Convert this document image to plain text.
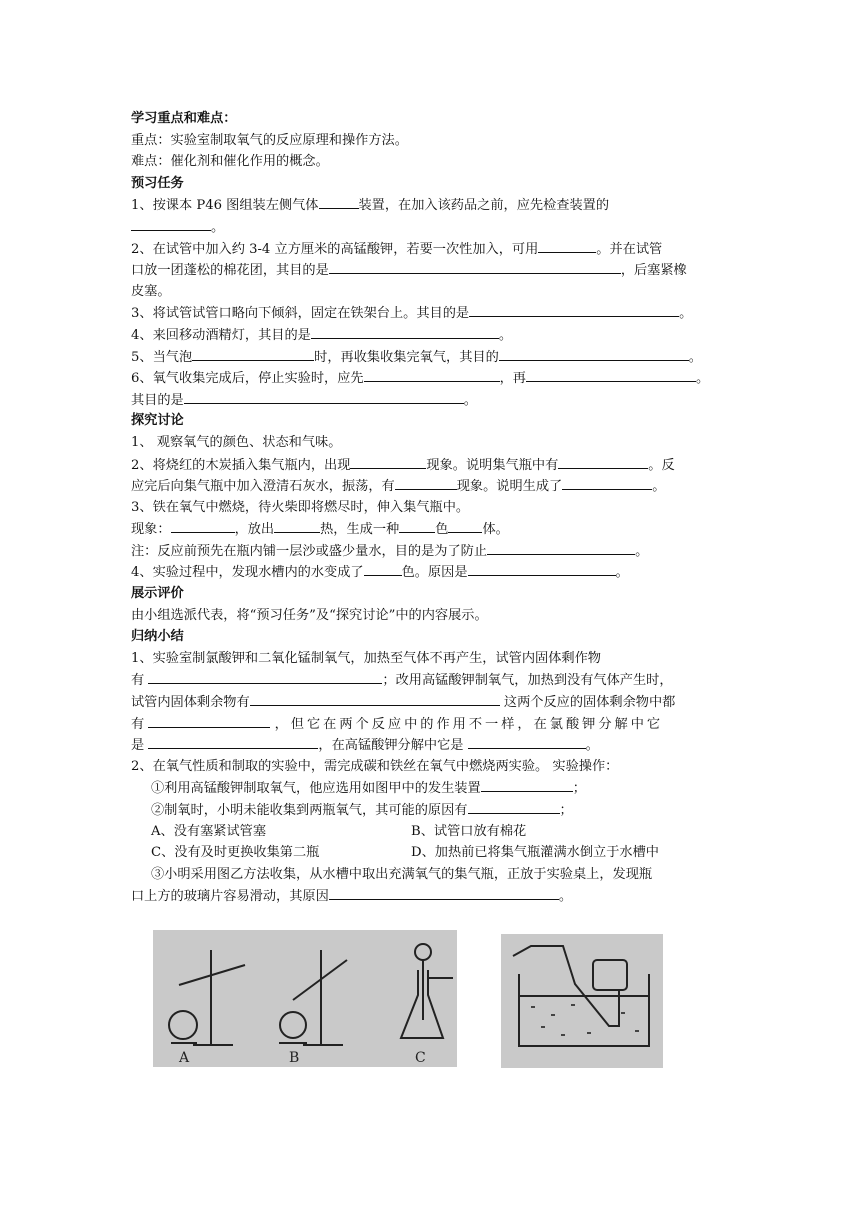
学习重点和难点：
重点：实验室制取氧气的反应原理和操作方法。
难点：催化剂和催化作用的概念。
预习任务
1、按课本 P46 图组装左侧气体	装置，在加入该药品之前，应先检查装置的
。
2、在试管中加入约 3-4 立方厘米的高锰酸钾，若要一次性加入，可用	。并在试管
口放一团蓬松的棉花团，其目的是	，后塞紧橡
皮塞。
3、将试管试管口略向下倾斜，固定在铁架台上。其目的是	。
4、来回移动酒精灯，其目的是	。
5、当气泡	时，再收集收集完氧气，其目的	。
6、氧气收集完成后，停止实验时，应先	，再	。
其目的是	。
探究讨论
1、 观察氧气的颜色、状态和气味。
2、将烧红的木炭插入集气瓶内，出现	现象。说明集气瓶中有	。反
应完后向集气瓶中加入澄清石灰水，振荡，有	现象。说明生成了	。
3、铁在氧气中燃烧，待火柴即将燃尽时，伸入集气瓶中。
现象：	，放出	热，生成一种	色	体。
注：反应前预先在瓶内铺一层沙或盛少量水，目的是为了防止	。
4、实验过程中，发现水槽内的水变成了	色。原因是	。
展示评价
由小组选派代表，将“预习任务”及“探究讨论”中的内容展示。
归纳小结
1、实验室制氯酸钾和二氧化锰制氧气，加热至气体不再产生，试管内固体剩作物
有	；改用高锰酸钾制氧气，加热到没有气体产生时，
试管内固体剩余物有	这两个反应的固体剩余物中都
有	，但它在两个反应中的作用不一样，在氯酸钾分解中它
是	，在高锰酸钾分解中它是	。
2、在氧气性质和制取的实验中，需完成碳和铁丝在氧气中燃烧两实验。 实验操作：
①利用高锰酸钾制取氧气，他应选用如图甲中的发生装置	；
②制氧时，小明未能收集到两瓶氧气，其可能的原因有	；
A、没有塞紧试管塞	B、试管口放有棉花
C、没有及时更换收集第二瓶	D、加热前已将集气瓶灌满水倒立于水槽中
③小明采用图乙方法收集，从水槽中取出充满氧气的集气瓶，正放于实验桌上，发现瓶
口上方的玻璃片容易滑动，其原因	。
A	B	C
